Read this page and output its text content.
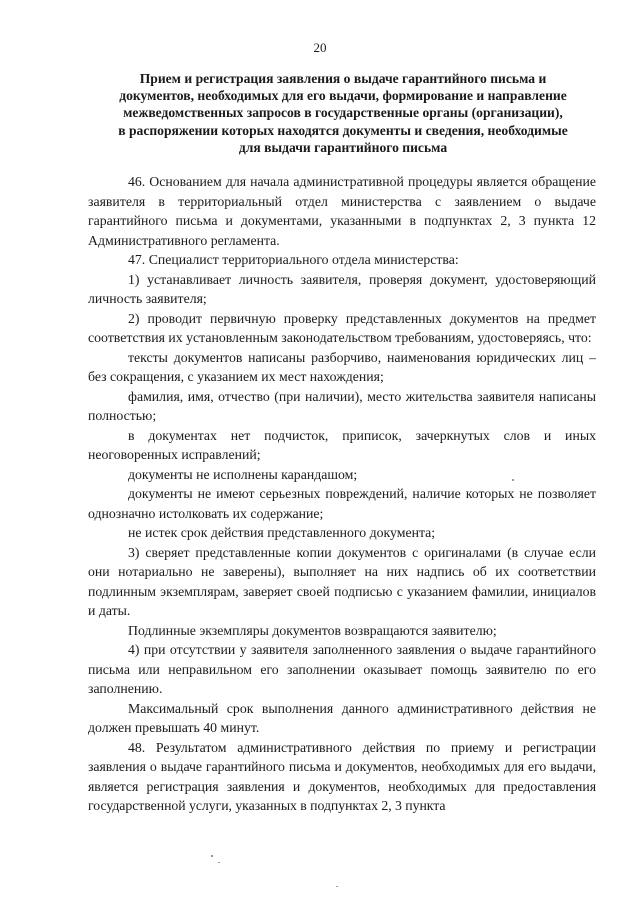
20
Прием и регистрация заявления о выдаче гарантийного письма и
документов, необходимых для его выдачи, формирование и направление
межведомственных запросов в государственные органы (организации),
в распоряжении которых находятся документы и сведения, необходимые
для выдачи гарантийного письма

46. Основанием для начала административной процедуры является обращение заявителя в территориальный отдел министерства с заявлением о выдаче гарантийного письма и документами, указанными в подпунктах 2, 3 пункта 12 Административного регламента.

47. Специалист территориального отдела министерства:

1) устанавливает личность заявителя, проверяя документ, удостоверяющий личность заявителя;

2) проводит первичную проверку представленных документов на предмет соответствия их установленным законодательством требованиям, удостоверяясь, что:

тексты документов написаны разборчиво, наименования юридических лиц – без сокращения, с указанием их мест нахождения;

фамилия, имя, отчество (при наличии), место жительства заявителя написаны полностью;

в документах нет подчисток, приписок, зачеркнутых слов и иных неоговоренных исправлений;

документы не исполнены карандашом;

документы не имеют серьезных повреждений, наличие которых не позволяет однозначно истолковать их содержание;

не истек срок действия представленного документа;

3) сверяет представленные копии документов с оригиналами (в случае если они нотариально не заверены), выполняет на них надпись об их соответствии подлинным экземплярам, заверяет своей подписью с указанием фамилии, инициалов и даты.

Подлинные экземпляры документов возвращаются заявителю;

4) при отсутствии у заявителя заполненного заявления о выдаче гарантийного письма или неправильном его заполнении оказывает помощь заявителю по его заполнению.

Максимальный срок выполнения данного административного действия не должен превышать 40 минут.

48. Результатом административного действия по приему и регистрации заявления о выдаче гарантийного письма и документов, необходимых для его выдачи, является регистрация заявления и документов, необходимых для предоставления государственной услуги, указанных в подпунктах 2, 3 пункта
